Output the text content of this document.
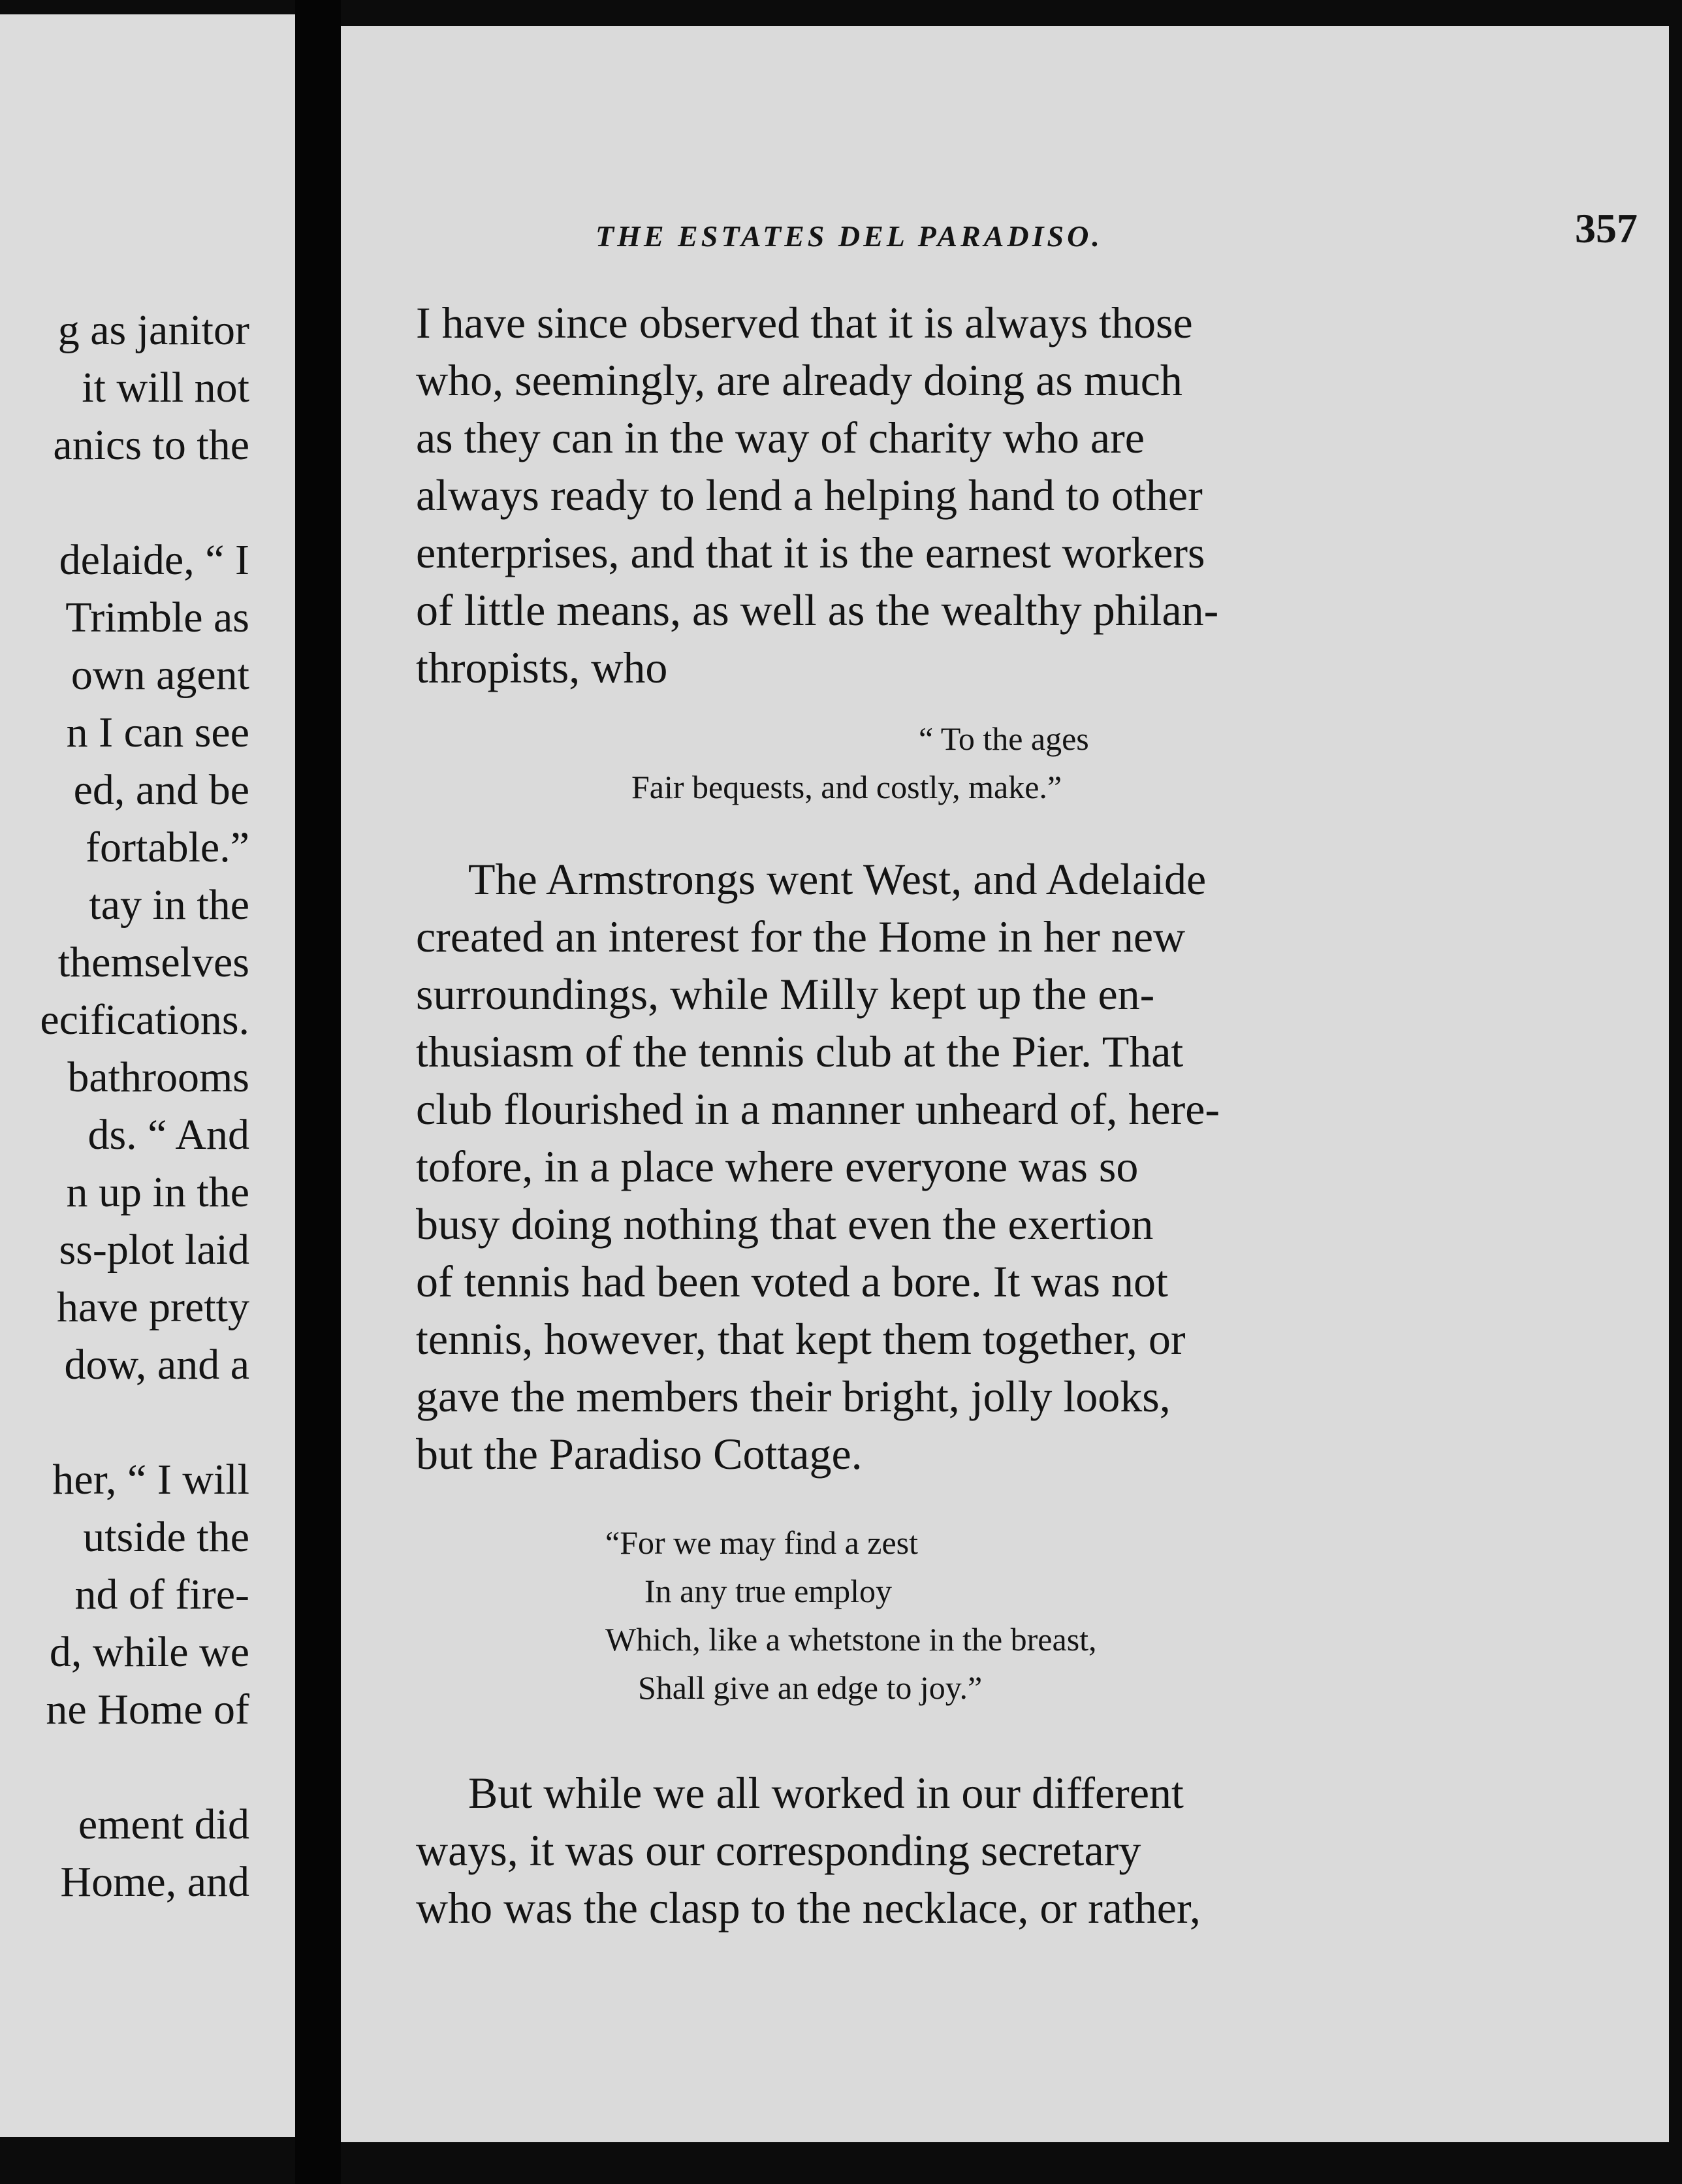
g as janitor
it will not
anics to the
delaide, “ I
Trimble as
own agent
n I can see
ed, and be
fortable.”
tay in the
themselves
ecifications.
bathrooms
ds. “ And
n up in the
ss-plot laid
have pretty
dow, and a
her, “ I will
utside the
nd of fire-
d, while we
ne Home of
ement did
Home, and
THE ESTATES DEL PARADISO.	357

I have since observed that it is always those
who, seemingly, are already doing as much
as they can in the way of charity who are
always ready to lend a helping hand to other
enterprises, and that it is the earnest workers
of little means, as well as the wealthy philan-
thropists, who

“ To the ages
Fair bequests, and costly, make.”

The Armstrongs went West, and Adelaide
created an interest for the Home in her new
surroundings, while Milly kept up the en-
thusiasm of the tennis club at the Pier. That
club flourished in a manner unheard of, here-
tofore, in a place where everyone was so
busy doing nothing that even the exertion
of tennis had been voted a bore. It was not
tennis, however, that kept them together, or
gave the members their bright, jolly looks,
but the Paradiso Cottage.

“For we may find a zest
In any true employ
Which, like a whetstone in the breast,
Shall give an edge to joy.”

But while we all worked in our different
ways, it was our corresponding secretary
who was the clasp to the necklace, or rather,
